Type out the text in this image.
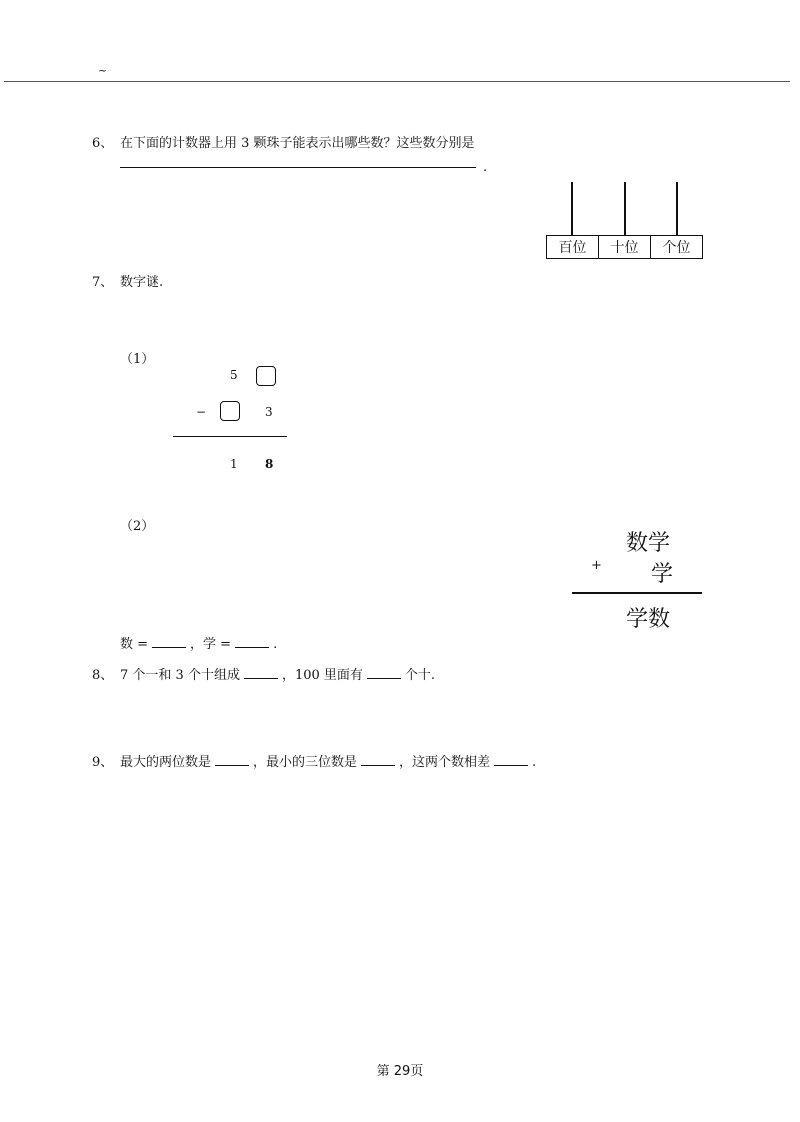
~
6、 在下面的计数器上用 3 颗珠子能表示出哪些数？这些数分别是
.
百位	十位	个位
7、 数字谜.
（1）
5
−	3
1 8
（2）
数学
+ 学
学数
数 =	，学 =	.
8、 7 个一和 3 个十组成	，100 里面有	个十.
9、 最大的两位数是	，最小的三位数是	，这两个数相差	.
第 29页
